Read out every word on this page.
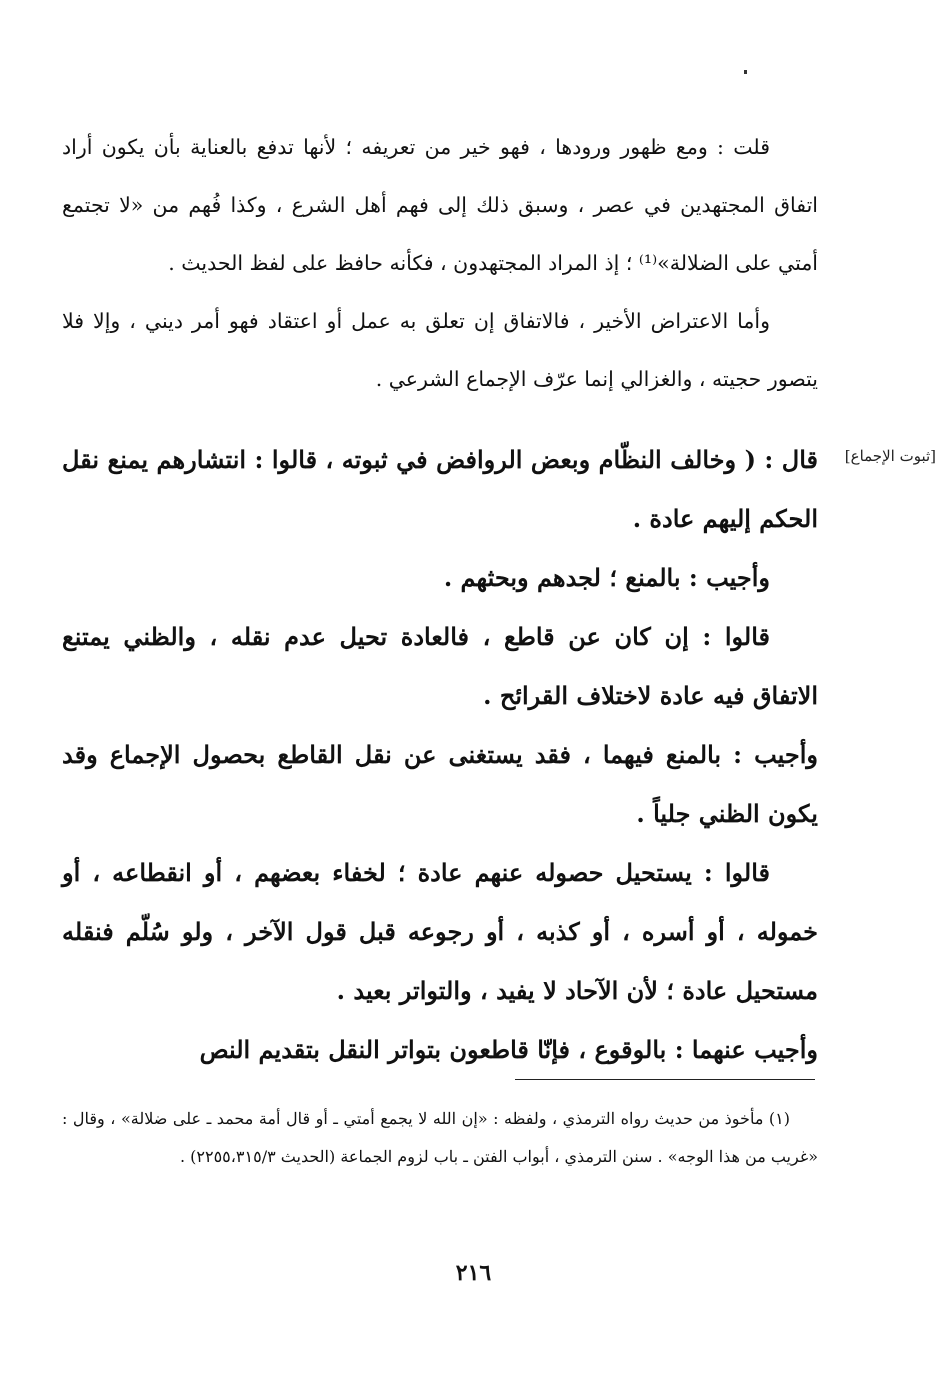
قلت : ومع ظهور ورودها ، فهو خير من تعريفه ؛ لأنها تدفع بالعناية بأن يكون أراد اتفاق المجتهدين في عصر ، وسبق ذلك إلى فهم أهل الشرع ، وكذا فُهم من «لا تجتمع أمتي على الضلالة»⁽¹⁾ ؛ إذ المراد المجتهدون ، فكأنه حافظ على لفظ الحديث .

وأما الاعتراض الأخير ، فالاتفاق إن تعلق به عمل أو اعتقاد فهو أمر ديني ، وإلا فلا يتصور حجيته ، والغزالي إنما عرّف الإجماع الشرعي .

[ثبوت الإجماع]

قال : ( وخالف النظّام وبعض الروافض في ثبوته ، قالوا : انتشارهم يمنع نقل الحكم إليهم عادة .

وأجيب : بالمنع ؛ لجدهم وبحثهم .

قالوا : إن كان عن قاطع ، فالعادة تحيل عدم نقله ، والظني يمتنع الاتفاق فيه عادة لاختلاف القرائح .

وأجيب : بالمنع فيهما ، فقد يستغنى عن نقل القاطع بحصول الإجماع وقد يكون الظني جلياً .

قالوا : يستحيل حصوله عنهم عادة ؛ لخفاء بعضهم ، أو انقطاعه ، أو خموله ، أو أسره ، أو كذبه ، أو رجوعه قبل قول الآخر ، ولو سُلّم فنقله مستحيل عادة ؛ لأن الآحاد لا يفيد ، والتواتر بعيد .

وأجيب عنهما : بالوقوع ، فإنّا قاطعون بتواتر النقل بتقديم النص

(١) مأخوذ من حديث رواه الترمذي ، ولفظه : «إن الله لا يجمع أمتي ـ أو قال أمة محمد ـ على ضلالة» ، وقال : «غريب من هذا الوجه» . سنن الترمذي ، أبواب الفتن ـ باب لزوم الجماعة (الحديث ٢٢٥٥،٣١٥/٣) .

٢١٦
